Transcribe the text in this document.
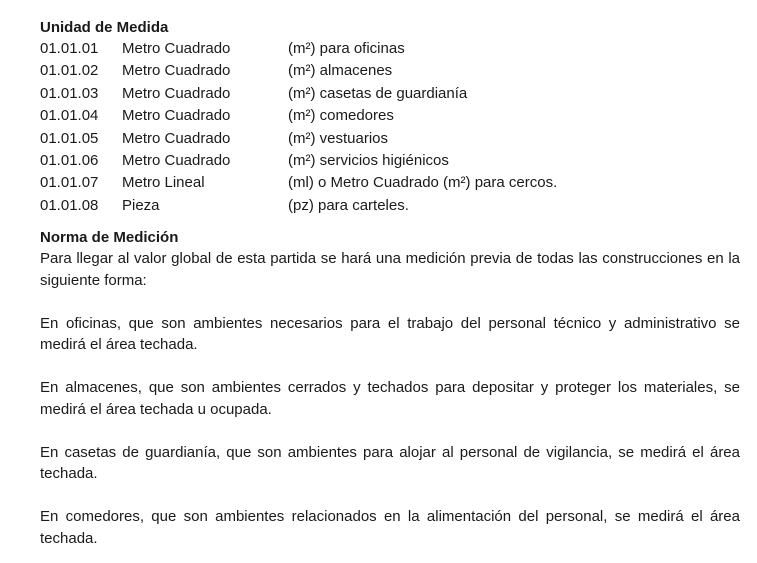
Unidad de Medida
01.01.01	Metro Cuadrado	(m²) para oficinas
01.01.02	Metro Cuadrado	(m²) almacenes
01.01.03	Metro Cuadrado	(m²) casetas de guardianía
01.01.04	Metro Cuadrado	(m²) comedores
01.01.05	Metro Cuadrado	(m²) vestuarios
01.01.06	Metro Cuadrado	(m²) servicios higiénicos
01.01.07	Metro Lineal	(ml) o Metro Cuadrado (m²) para cercos.
01.01.08	Pieza	(pz) para carteles.
Norma de Medición

Para llegar al valor global de esta partida se hará una medición previa de todas las construcciones en la siguiente forma:

En oficinas, que son ambientes necesarios para el trabajo del personal técnico y administrativo se medirá el área techada.

En almacenes, que son ambientes cerrados y techados para depositar y proteger los materiales, se medirá el área techada u ocupada.

En casetas de guardianía, que son ambientes para alojar al personal de vigilancia, se medirá el área techada.

En comedores, que son ambientes relacionados en la alimentación del personal, se medirá el área techada.
